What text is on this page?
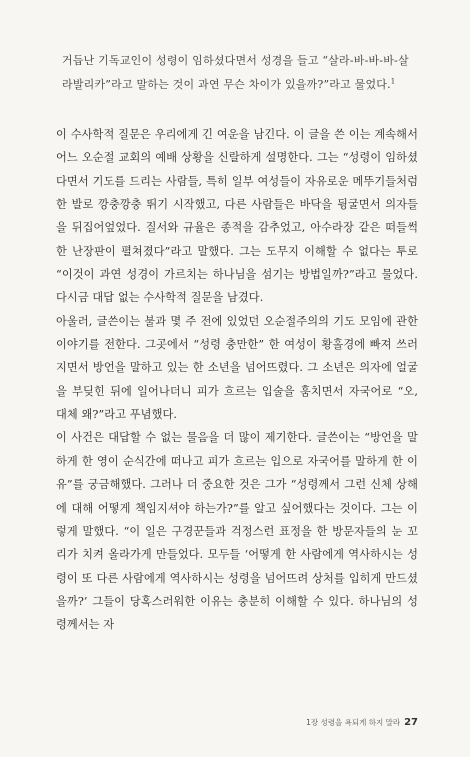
거듭난 기독교인이 성령이 임하셨다면서 성경을 들고 “살라-바-바-바-살
라발리카”라고 말하는 것이 과연 무슨 차이가 있을까?”라고 물었다.$^1$

이 수사학적 질문은 우리에게 긴 여운을 남긴다. 이 글을 쓴 이는 계속해서 어느 오순절 교회의 예배 상황을 신랄하게 설명한다. 그는 “성령이 임하셨다면서 기도를 드리는 사람들, 특히 일부 여성들이 자유로운 메뚜기들처럼 한 발로 깡충깡충 뛰기 시작했고, 다른 사람들은 바닥을 뒹굴면서 의자들을 뒤집어엎었다. 질서와 규율은 종적을 감추었고, 아수라장 같은 떠들썩한 난장판이 펼쳐졌다”라고 말했다. 그는 도무지 이해할 수 없다는 투로 “이것이 과연 성경이 가르치는 하나님을 섬기는 방법일까?”라고 물었다. 다시금 대답 없는 수사학적 질문을 남겼다.

아울러, 글쓴이는 불과 몇 주 전에 있었던 오순절주의의 기도 모임에 관한 이야기를 전한다. 그곳에서 “성령 충만한” 한 여성이 황홀경에 빠져 쓰러지면서 방언을 말하고 있는 한 소년을 넘어뜨렸다. 그 소년은 의자에 얼굴을 부딪힌 뒤에 일어나더니 피가 흐르는 입술을 훔치면서 자국어로 “오, 대체 왜?”라고 푸념했다.

이 사건은 대답할 수 없는 물음을 더 많이 제기한다. 글쓴이는 “방언을 말하게 한 영이 순식간에 떠나고 피가 흐르는 입으로 자국어를 말하게 한 이유”를 궁금해했다. 그러나 더 중요한 것은 그가 “성령께서 그런 신체 상해에 대해 어떻게 책임지셔야 하는가?”를 알고 싶어했다는 것이다. 그는 이렇게 말했다. “이 일은 구경꾼들과 걱정스런 표정을 한 방문자들의 눈 꼬리가 치켜 올라가게 만들었다. 모두들 ‘어떻게 한 사람에게 역사하시는 성령이 또 다른 사람에게 역사하시는 성령을 넘어뜨려 상처를 입히게 만드셨을까?’ 그들이 당혹스러워한 이유는 충분히 이해할 수 있다. 하나님의 성령께서는 자

1장 성령을 욕되게 하지 말라 27
